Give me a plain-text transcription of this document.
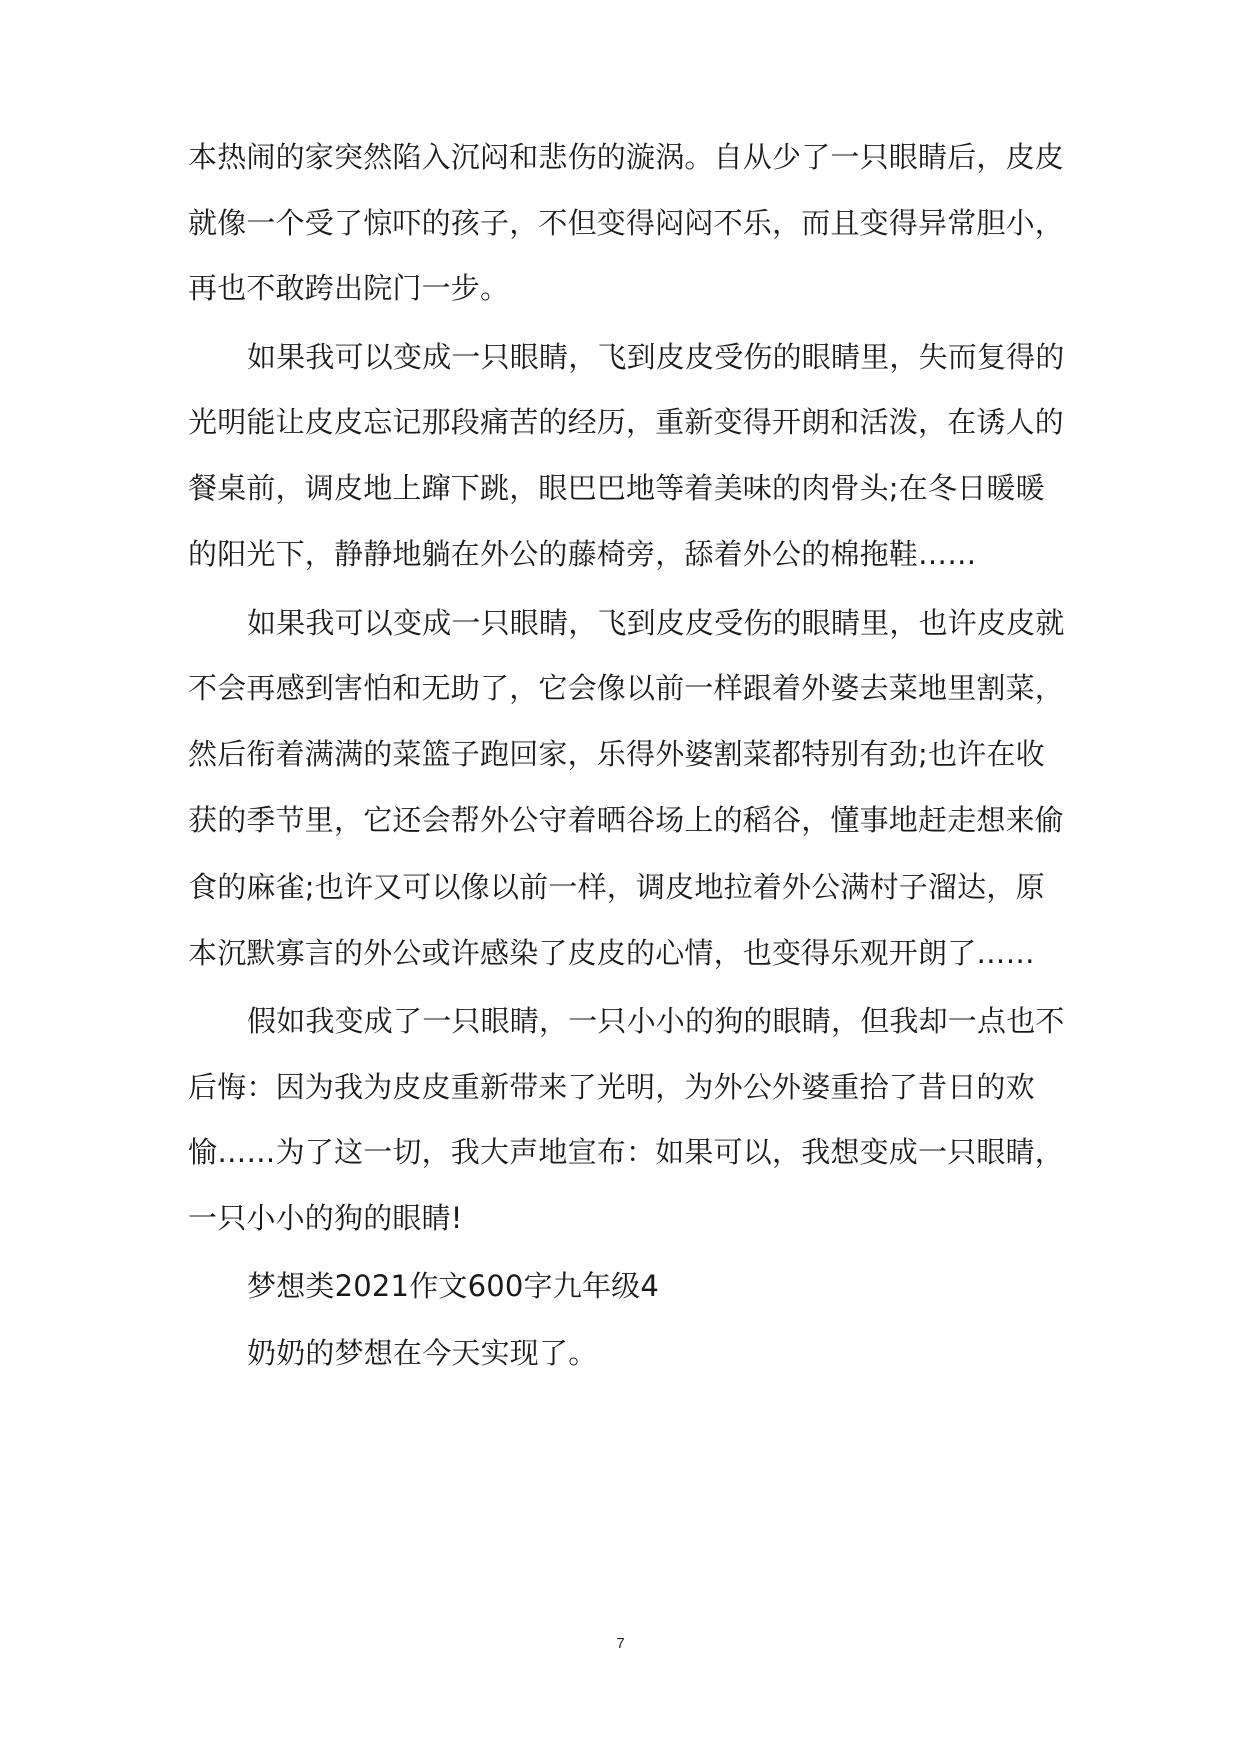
本热闹的家突然陷入沉闷和悲伤的漩涡。自从少了一只眼睛后，皮皮
就像一个受了惊吓的孩子，不但变得闷闷不乐，而且变得异常胆小，
再也不敢跨出院门一步。
如果我可以变成一只眼睛，飞到皮皮受伤的眼睛里，失而复得的
光明能让皮皮忘记那段痛苦的经历，重新变得开朗和活泼，在诱人的
餐桌前，调皮地上蹿下跳，眼巴巴地等着美味的肉骨头;在冬日暖暖
的阳光下，静静地躺在外公的藤椅旁，舔着外公的棉拖鞋……
如果我可以变成一只眼睛，飞到皮皮受伤的眼睛里，也许皮皮就
不会再感到害怕和无助了，它会像以前一样跟着外婆去菜地里割菜，
然后衔着满满的菜篮子跑回家，乐得外婆割菜都特别有劲;也许在收
获的季节里，它还会帮外公守着晒谷场上的稻谷，懂事地赶走想来偷
食的麻雀;也许又可以像以前一样，调皮地拉着外公满村子溜达，原
本沉默寡言的外公或许感染了皮皮的心情，也变得乐观开朗了……
假如我变成了一只眼睛，一只小小的狗的眼睛，但我却一点也不
后悔：因为我为皮皮重新带来了光明，为外公外婆重拾了昔日的欢
愉……为了这一切，我大声地宣布：如果可以，我想变成一只眼睛，
一只小小的狗的眼睛!
梦想类2021作文600字九年级4
奶奶的梦想在今天实现了。
7
